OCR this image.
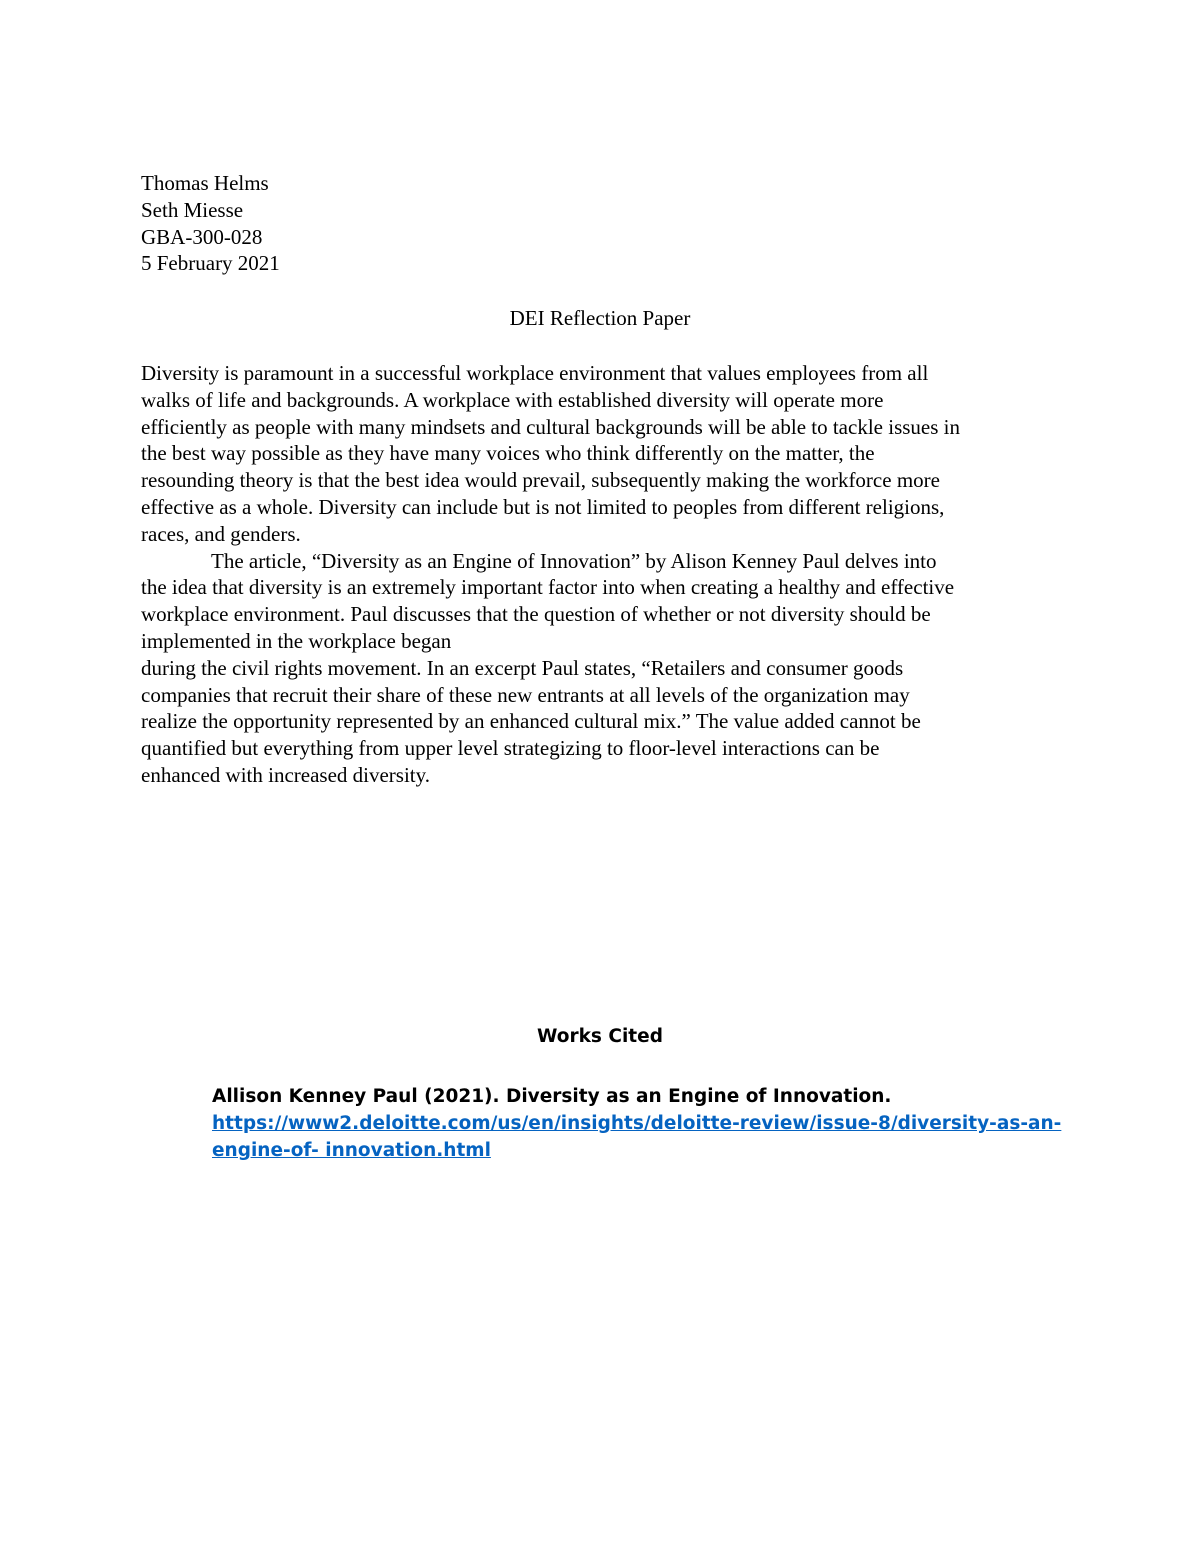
Thomas Helms
Seth Miesse
GBA-300-028
5 February 2021
DEI Reflection Paper
Diversity is paramount in a successful workplace environment that values employees from all
walks of life and backgrounds. A workplace with established diversity will operate more
efficiently as people with many mindsets and cultural backgrounds will be able to tackle issues in
the best way possible as they have many voices who think differently on the matter, the
resounding theory is that the best idea would prevail, subsequently making the workforce more
effective as a whole. Diversity can include but is not limited to peoples from different religions,
races, and genders.
The article, “Diversity as an Engine of Innovation” by Alison Kenney Paul delves into
the idea that diversity is an extremely important factor into when creating a healthy and effective
workplace environment. Paul discusses that the question of whether or not diversity should be
implemented in the workplace began
during the civil rights movement. In an excerpt Paul states, “Retailers and consumer goods
companies that recruit their share of these new entrants at all levels of the organization may
realize the opportunity represented by an enhanced cultural mix.” The value added cannot be
quantified but everything from upper level strategizing to floor-level interactions can be
enhanced with increased diversity.
Works Cited
Allison Kenney Paul (2021). Diversity as an Engine of Innovation.
https://www2.deloitte.com/us/en/insights/deloitte-review/issue-8/diversity-as-an-
engine-of- innovation.html
